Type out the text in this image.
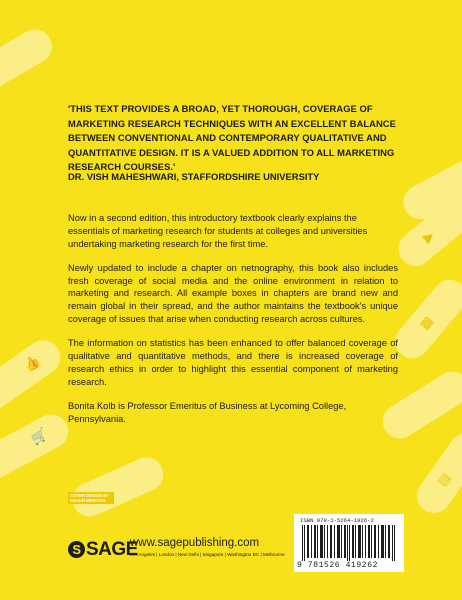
▶
▩
👍
🛒
▤
'THIS TEXT PROVIDES A BROAD, YET THOROUGH, COVERAGE OF MARKETING RESEARCH TECHNIQUES WITH AN EXCELLENT BALANCE BETWEEN CONVENTIONAL AND CONTEMPORARY QUALITATIVE AND QUANTITATIVE DESIGN. IT IS A VALUED ADDITION TO ALL MARKETING RESEARCH COURSES.'
DR. VISH MAHESHWARI, STAFFORDSHIRE UNIVERSITY

Now in a second edition, this introductory textbook clearly explains the essentials of marketing research for students at colleges and universities undertaking marketing research for the first time.

Newly updated to include a chapter on netnography, this book also includes fresh coverage of social media and the online environment in relation to marketing and research. All example boxes in chapters are brand new and remain global in their spread, and the author maintains the textbook's unique coverage of issues that arise when conducting research across cultures.

The information on statistics has been enhanced to offer balanced coverage of qualitative and quantitative methods, and there is increased coverage of research ethics in order to highlight this essential component of marketing research.

Bonita Kolb is Professor Emeritus of Business at Lycoming College, Pennsylvania.

COVER DESIGN BY SHAUN MERCIER
S SAGE
www.sagepublishing.com
Los Angeles | London | New Delhi | Singapore | Washington DC | Melbourne
ISBN 978-1-5264-1926-2
9 781526 419262
